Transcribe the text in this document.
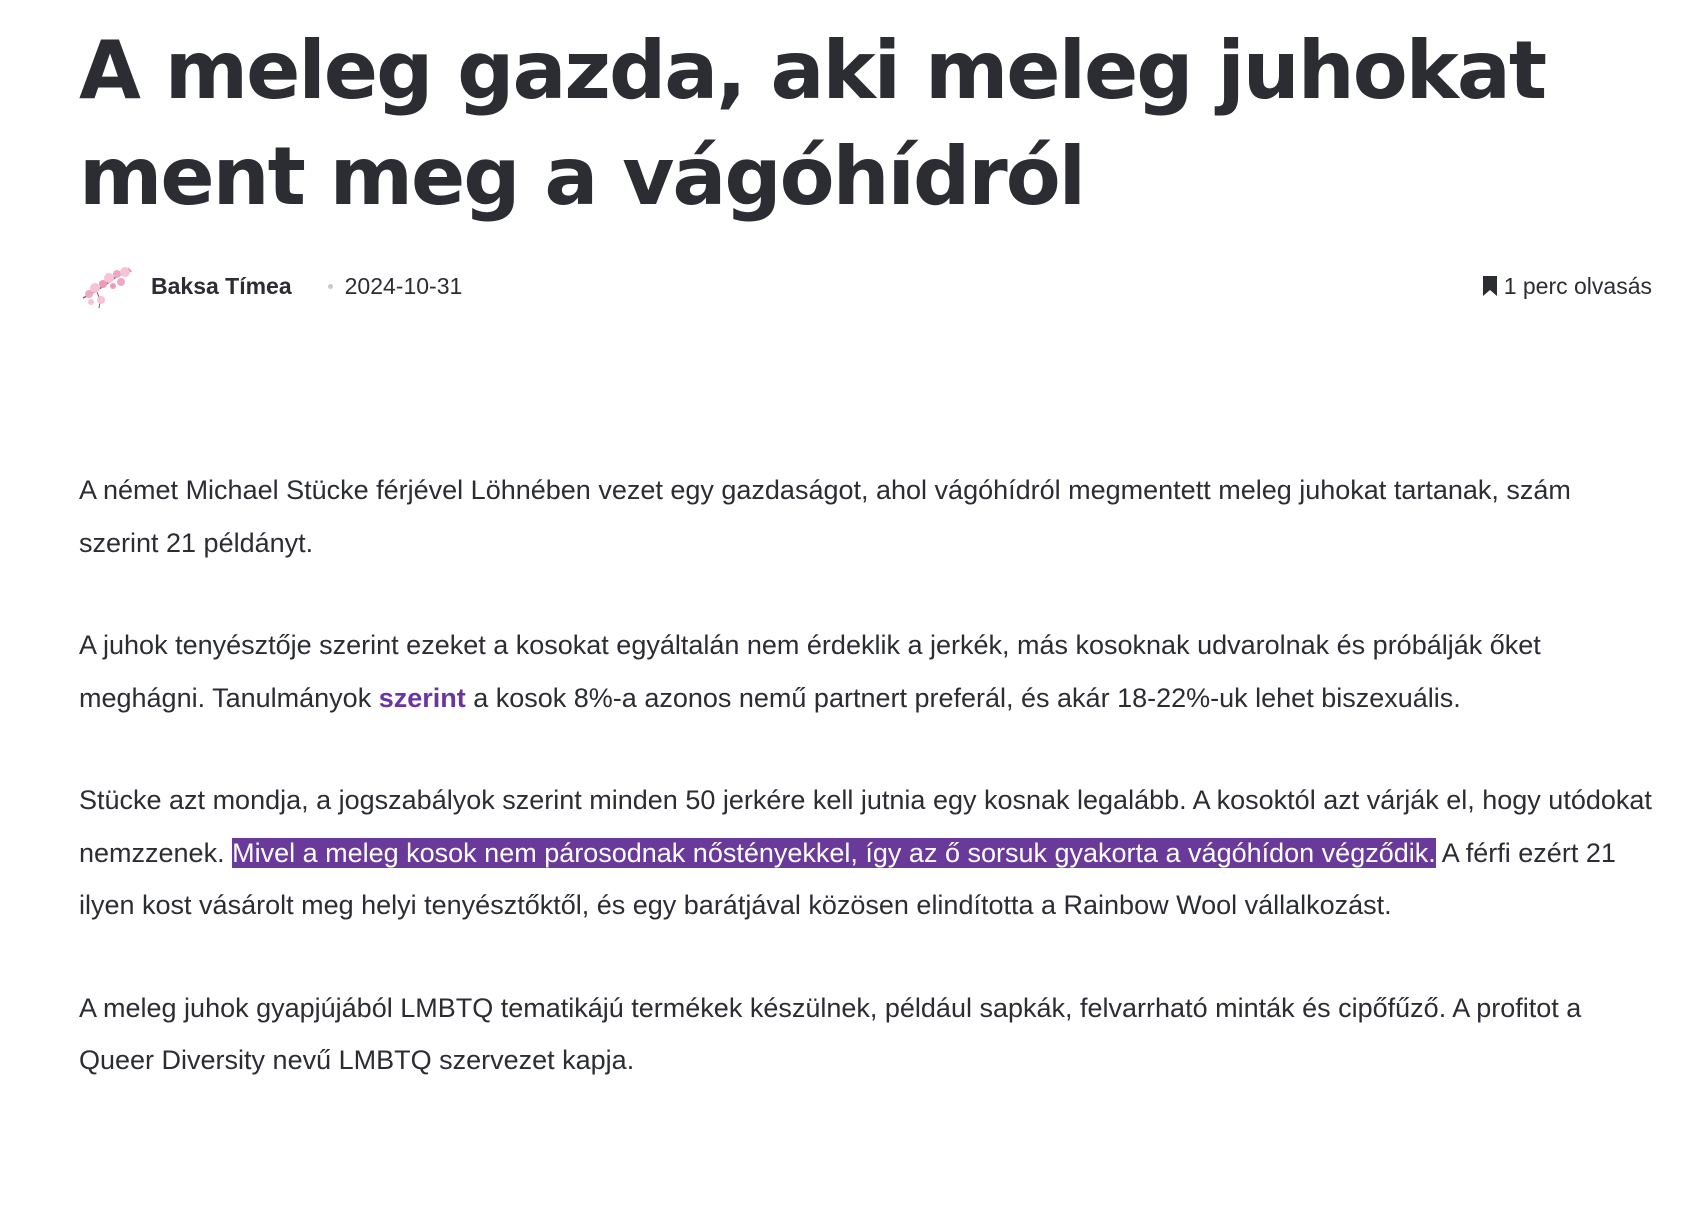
A meleg gazda, aki meleg juhokat ment meg a vágóhídról
Baksa Tímea 2024-10-31	1 perc olvasás

A német Michael Stücke férjével Löhnében vezet egy gazdaságot, ahol vágóhídról megmentett meleg juhokat tartanak, szám szerint 21 példányt.

A juhok tenyésztője szerint ezeket a kosokat egyáltalán nem érdeklik a jerkék, más kosoknak udvarolnak és próbálják őket meghágni. Tanulmányok szerint a kosok 8%-a azonos nemű partnert preferál, és akár 18-22%-uk lehet biszexuális.

Stücke azt mondja, a jogszabályok szerint minden 50 jerkére kell jutnia egy kosnak legalább. A kosoktól azt várják el, hogy utódokat nemzzenek. Mivel a meleg kosok nem párosodnak nőstényekkel, így az ő sorsuk gyakorta a vágóhídon végződik. A férfi ezért 21 ilyen kost vásárolt meg helyi tenyésztőktől, és egy barátjával közösen elindította a Rainbow Wool vállalkozást.

A meleg juhok gyapjújából LMBTQ tematikájú termékek készülnek, például sapkák, felvarrható minták és cipőfűző. A profitot a Queer Diversity nevű LMBTQ szervezet kapja.
